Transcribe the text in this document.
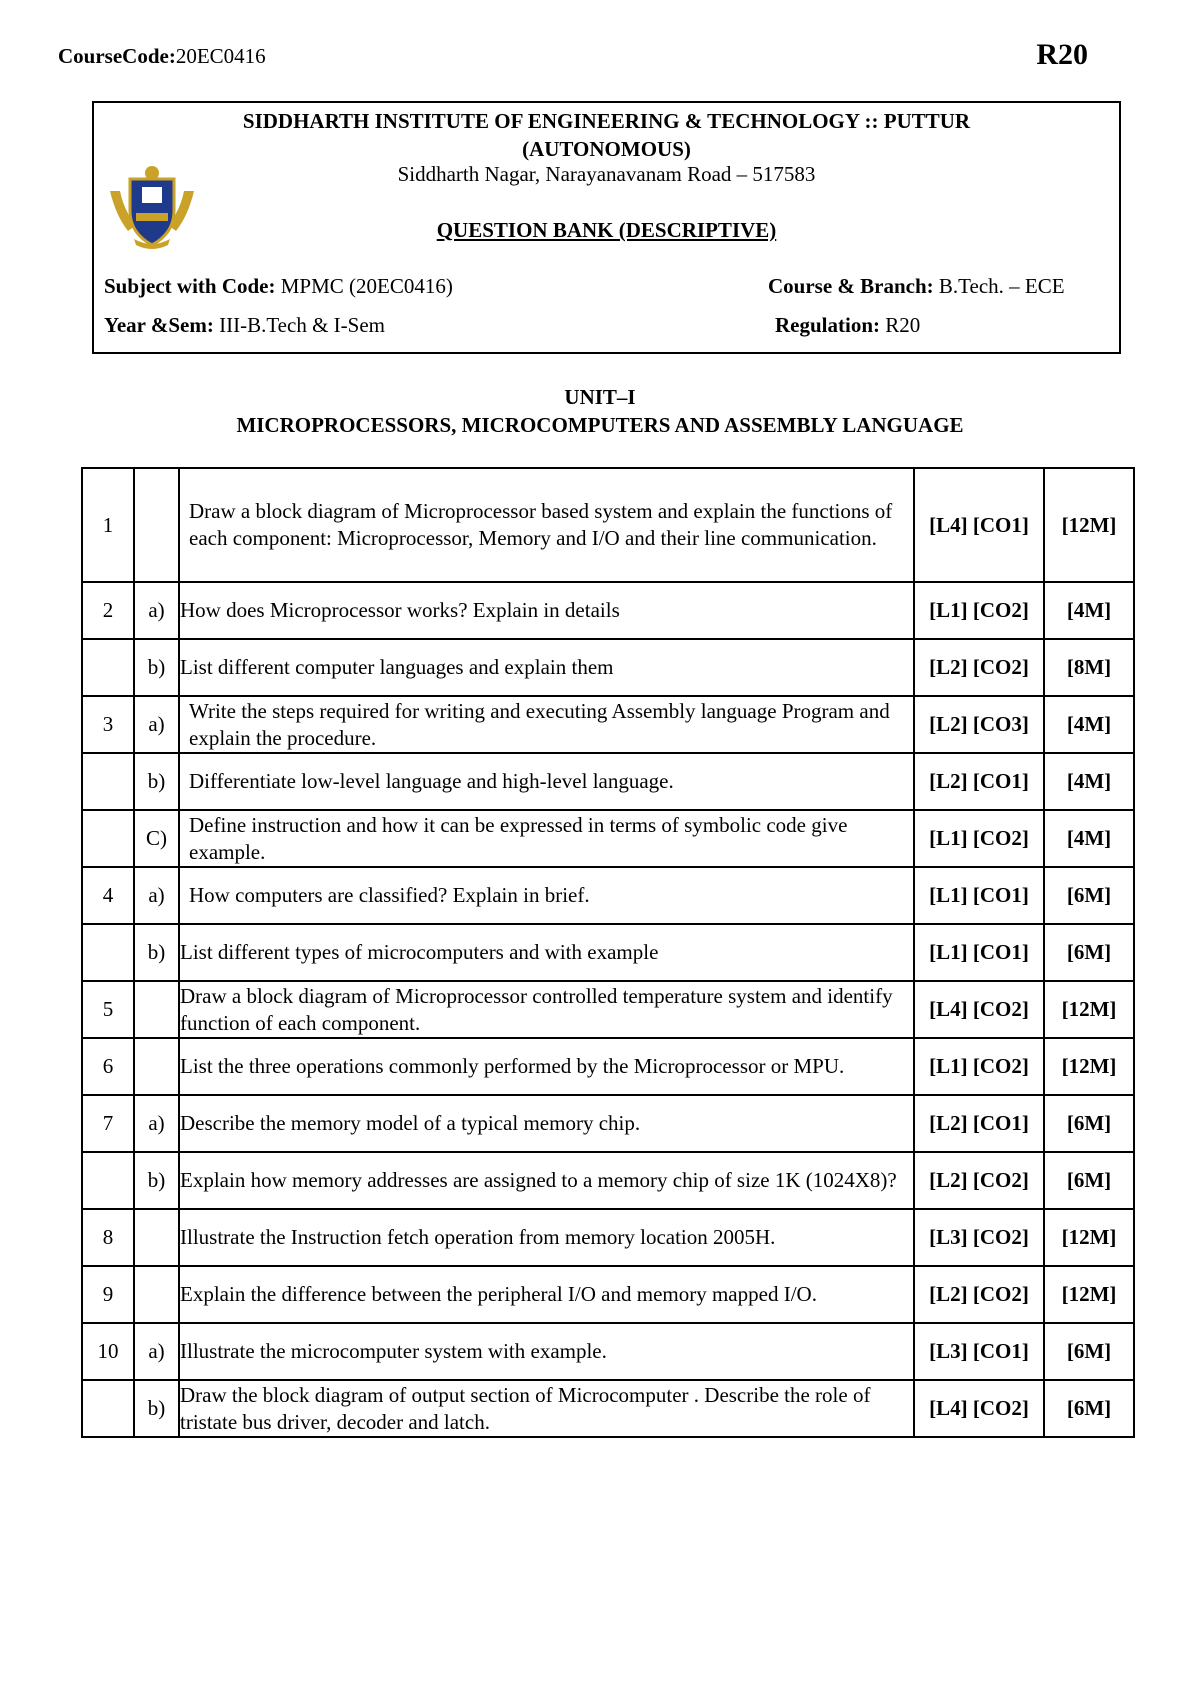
CourseCode:20EC0416	R20
SIDDHARTH INSTITUTE OF ENGINEERING & TECHNOLOGY :: PUTTUR
(AUTONOMOUS)
Siddharth Nagar, Narayanavanam Road – 517583
QUESTION BANK (DESCRIPTIVE)
Subject with Code: MPMC (20EC0416)	Course & Branch: B.Tech. – ECE
Year &Sem: III-B.Tech & I-Sem	Regulation: R20
UNIT–I
MICROPROCESSORS, MICROCOMPUTERS AND ASSEMBLY LANGUAGE
1		Draw a block diagram of Microprocessor based system and explain the functions of each component: Microprocessor, Memory and I/O and their line communication.	[L4] [CO1]	[12M]
2	a)	How does Microprocessor works? Explain in details	[L1] [CO2]	[4M]
	b)	List different computer languages and explain them	[L2] [CO2]	[8M]
3	a)	Write the steps required for writing and executing Assembly language Program and explain the procedure.	[L2] [CO3]	[4M]
	b)	Differentiate low-level language and high-level language.	[L2] [CO1]	[4M]
	C)	Define instruction and how it can be expressed in terms of symbolic code give example.	[L1] [CO2]	[4M]
4	a)	How computers are classified? Explain in brief.	[L1] [CO1]	[6M]
	b)	List different types of microcomputers and with example	[L1] [CO1]	[6M]
5		Draw a block diagram of Microprocessor controlled temperature system and identify function of each component.	[L4] [CO2]	[12M]
6		List the three operations commonly performed by the Microprocessor or MPU.	[L1] [CO2]	[12M]
7	a)	Describe the memory model of a typical memory chip.	[L2] [CO1]	[6M]
	b)	Explain how memory addresses are assigned to a memory chip of size 1K (1024X8)?	[L2] [CO2]	[6M]
8		Illustrate the Instruction fetch operation from memory location 2005H.	[L3] [CO2]	[12M]
9		Explain the difference between the peripheral I/O and memory mapped I/O.	[L2] [CO2]	[12M]
10	a)	Illustrate the microcomputer system with example.	[L3] [CO1]	[6M]
	b)	Draw the block diagram of output section of Microcomputer . Describe the role of tristate bus driver, decoder and latch.	[L4] [CO2]	[6M]
